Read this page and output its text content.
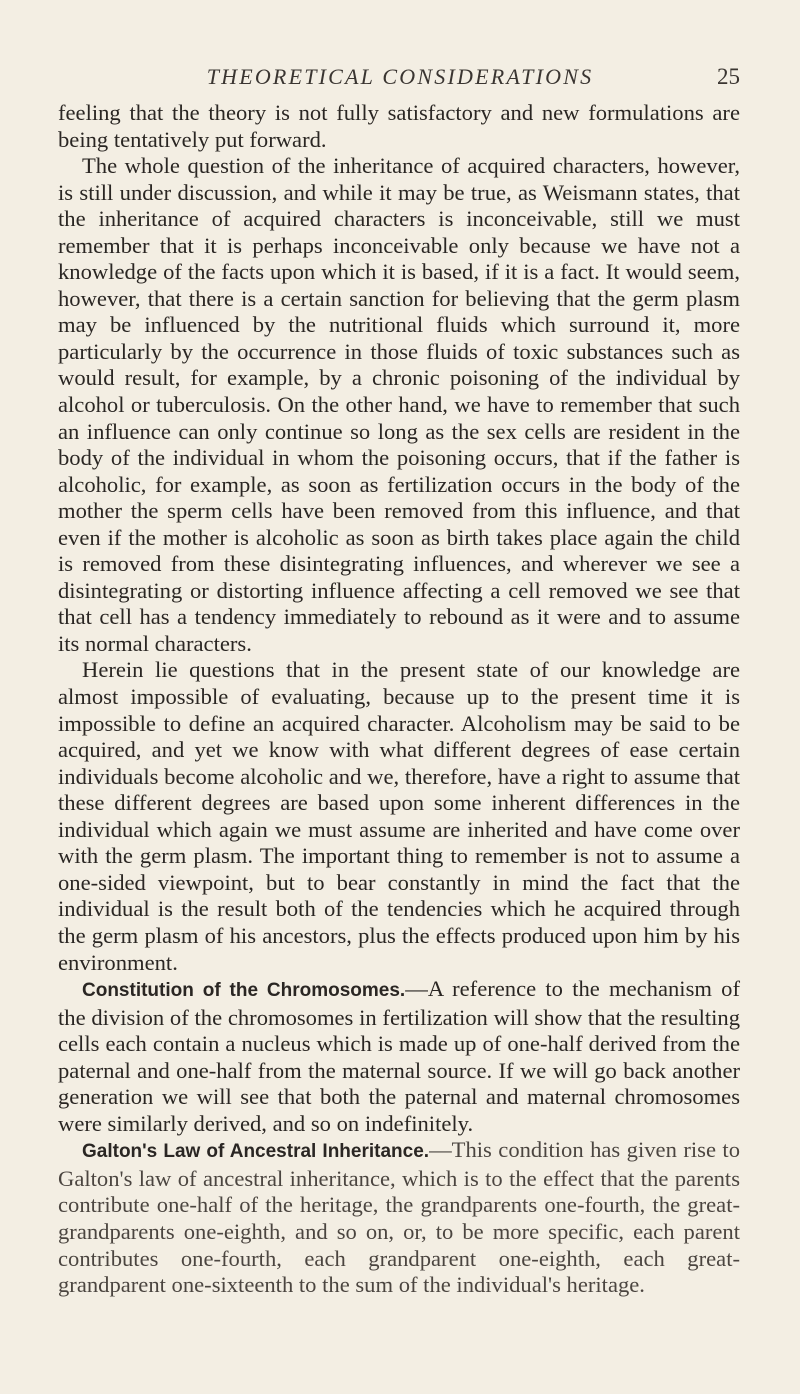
THEORETICAL CONSIDERATIONS	25

feeling that the theory is not fully satisfactory and new formulations are being tentatively put forward.

The whole question of the inheritance of acquired characters, however, is still under discussion, and while it may be true, as Weismann states, that the inheritance of acquired characters is inconceivable, still we must remember that it is perhaps inconceivable only because we have not a knowledge of the facts upon which it is based, if it is a fact. It would seem, however, that there is a certain sanction for believing that the germ plasm may be influenced by the nutritional fluids which surround it, more particularly by the occurrence in those fluids of toxic substances such as would result, for example, by a chronic poisoning of the individual by alcohol or tuberculosis. On the other hand, we have to remember that such an influence can only continue so long as the sex cells are resident in the body of the individual in whom the poisoning occurs, that if the father is alcoholic, for example, as soon as fertilization occurs in the body of the mother the sperm cells have been removed from this influence, and that even if the mother is alcoholic as soon as birth takes place again the child is removed from these disintegrating influences, and wherever we see a disintegrating or distorting influence affecting a cell removed we see that that cell has a tendency immediately to rebound as it were and to assume its normal characters.

Herein lie questions that in the present state of our knowledge are almost impossible of evaluating, because up to the present time it is impossible to define an acquired character. Alcoholism may be said to be acquired, and yet we know with what different degrees of ease certain individuals become alcoholic and we, therefore, have a right to assume that these different degrees are based upon some inherent differences in the individual which again we must assume are inherited and have come over with the germ plasm. The important thing to remember is not to assume a one-sided viewpoint, but to bear constantly in mind the fact that the individual is the result both of the tendencies which he acquired through the germ plasm of his ancestors, plus the effects produced upon him by his environment.

Constitution of the Chromosomes.—A reference to the mechanism of the division of the chromosomes in fertilization will show that the resulting cells each contain a nucleus which is made up of one-half derived from the paternal and one-half from the maternal source. If we will go back another generation we will see that both the paternal and maternal chromosomes were similarly derived, and so on indefinitely.

Galton's Law of Ancestral Inheritance.—This condition has given rise to Galton's law of ancestral inheritance, which is to the effect that the parents contribute one-half of the heritage, the grandparents one-fourth, the great-grandparents one-eighth, and so on, or, to be more specific, each parent contributes one-fourth, each grandparent one-eighth, each great-grandparent one-sixteenth to the sum of the individual's heritage.
